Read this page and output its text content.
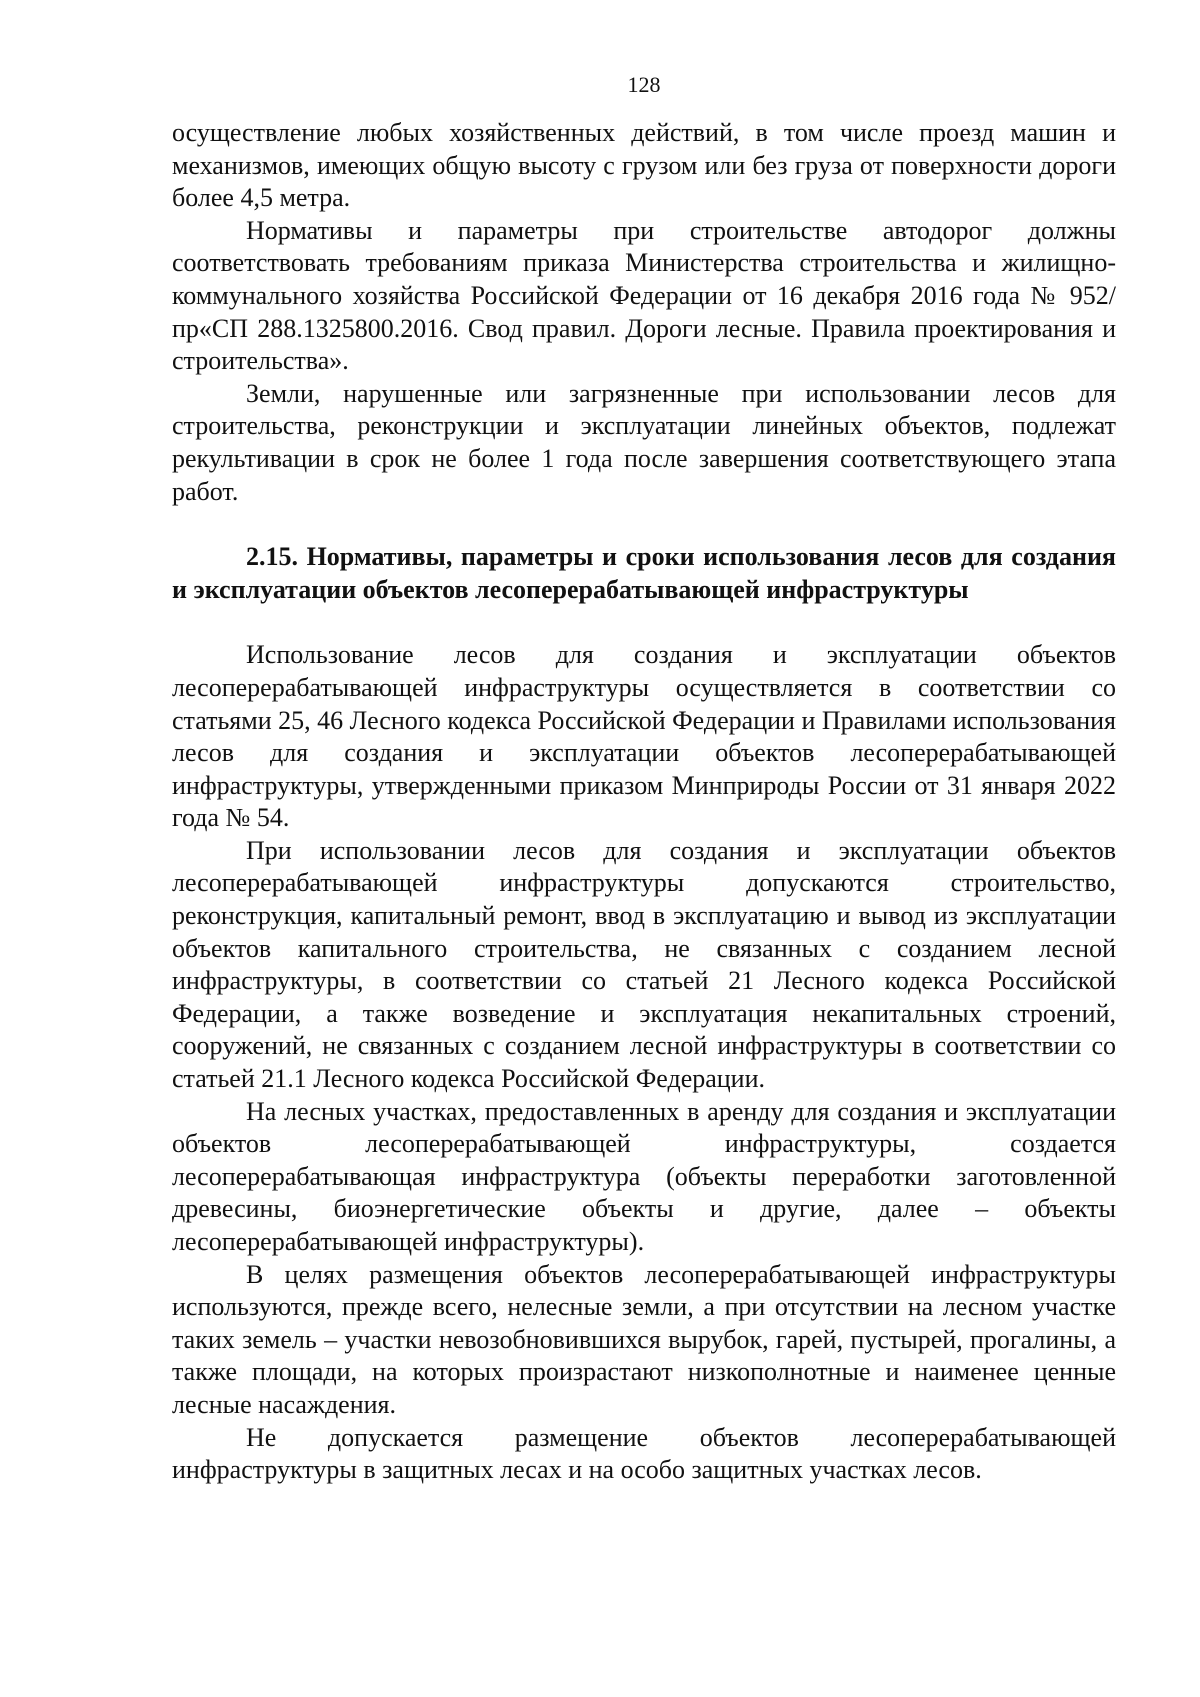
128

осуществление любых хозяйственных действий, в том числе проезд машин и механизмов, имеющих общую высоту с грузом или без груза от поверхности дороги более 4,5 метра.

Нормативы и параметры при строительстве автодорог должны соответствовать требованиям приказа Министерства строительства и жилищно-коммунального хозяйства Российской Федерации от 16 декабря 2016 года № 952/пр«СП 288.1325800.2016. Свод правил. Дороги лесные. Правила проектирования и строительства».

Земли, нарушенные или загрязненные при использовании лесов для строительства, реконструкции и эксплуатации линейных объектов, подлежат рекультивации в срок не более 1 года после завершения соответствующего этапа работ.

2.15. Нормативы, параметры и сроки использования лесов для создания и эксплуатации объектов лесоперерабатывающей инфраструктуры

Использование лесов для создания и эксплуатации объектов лесоперерабатывающей инфраструктуры осуществляется в соответствии со статьями 25, 46 Лесного кодекса Российской Федерации и Правилами использования лесов для создания и эксплуатации объектов лесоперерабатывающей инфраструктуры, утвержденными приказом Минприроды России от 31 января 2022 года № 54.

При использовании лесов для создания и эксплуатации объектов лесоперерабатывающей инфраструктуры допускаются строительство, реконструкция, капитальный ремонт, ввод в эксплуатацию и вывод из эксплуатации объектов капитального строительства, не связанных с созданием лесной инфраструктуры, в соответствии со статьей 21 Лесного кодекса Российской Федерации, а также возведение и эксплуатация некапитальных строений, сооружений, не связанных с созданием лесной инфраструктуры в соответствии со статьей 21.1 Лесного кодекса Российской Федерации.

На лесных участках, предоставленных в аренду для создания и эксплуатации объектов лесоперерабатывающей инфраструктуры, создается лесоперерабатывающая инфраструктура (объекты переработки заготовленной древесины, биоэнергетические объекты и другие, далее – объекты лесоперерабатывающей инфраструктуры).

В целях размещения объектов лесоперерабатывающей инфраструктуры используются, прежде всего, нелесные земли, а при отсутствии на лесном участке таких земель – участки невозобновившихся вырубок, гарей, пустырей, прогалины, а также площади, на которых произрастают низкополнотные и наименее ценные лесные насаждения.

Не допускается размещение объектов лесоперерабатывающей инфраструктуры в защитных лесах и на особо защитных участках лесов.
